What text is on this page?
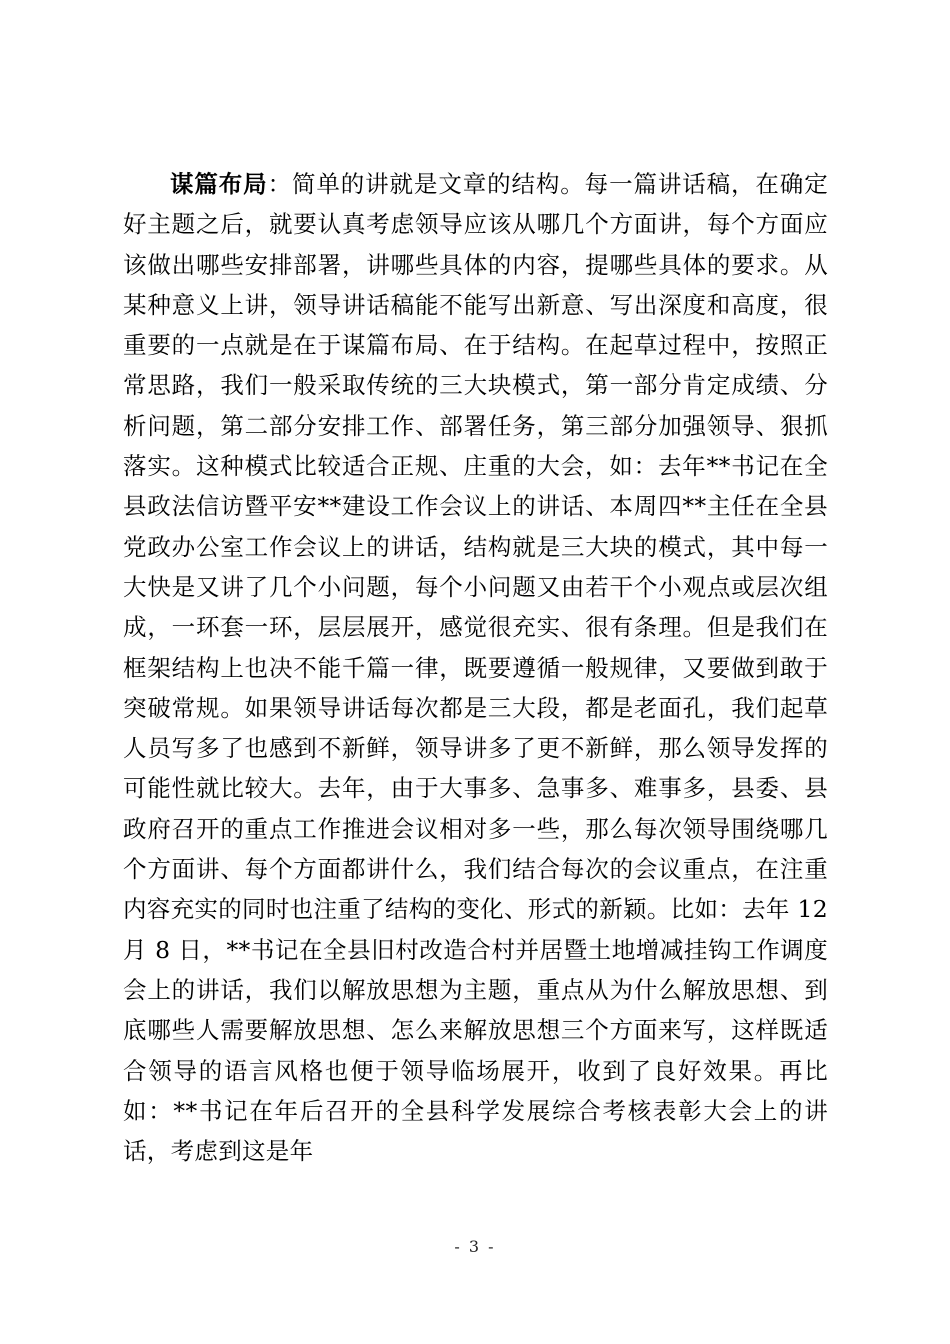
谋篇布局：简单的讲就是文章的结构。每一篇讲话稿，在确定好主题之后，就要认真考虑领导应该从哪几个方面讲，每个方面应该做出哪些安排部署，讲哪些具体的内容，提哪些具体的要求。从某种意义上讲，领导讲话稿能不能写出新意、写出深度和高度，很重要的一点就是在于谋篇布局、在于结构。在起草过程中，按照正常思路，我们一般采取传统的三大块模式，第一部分肯定成绩、分析问题，第二部分安排工作、部署任务，第三部分加强领导、狠抓落实。这种模式比较适合正规、庄重的大会，如：去年**书记在全县政法信访暨平安**建设工作会议上的讲话、本周四**主任在全县党政办公室工作会议上的讲话，结构就是三大块的模式，其中每一大快是又讲了几个小问题，每个小问题又由若干个小观点或层次组成，一环套一环，层层展开，感觉很充实、很有条理。但是我们在框架结构上也决不能千篇一律，既要遵循一般规律，又要做到敢于突破常规。如果领导讲话每次都是三大段，都是老面孔，我们起草人员写多了也感到不新鲜，领导讲多了更不新鲜，那么领导发挥的可能性就比较大。去年，由于大事多、急事多、难事多，县委、县政府召开的重点工作推进会议相对多一些，那么每次领导围绕哪几个方面讲、每个方面都讲什么，我们结合每次的会议重点，在注重内容充实的同时也注重了结构的变化、形式的新颖。比如：去年 12 月 8 日，**书记在全县旧村改造合村并居暨土地增减挂钩工作调度会上的讲话，我们以解放思想为主题，重点从为什么解放思想、到底哪些人需要解放思想、怎么来解放思想三个方面来写，这样既适合领导的语言风格也便于领导临场展开，收到了良好效果。再比如：**书记在年后召开的全县科学发展综合考核表彰大会上的讲话，考虑到这是年

- 3 -
